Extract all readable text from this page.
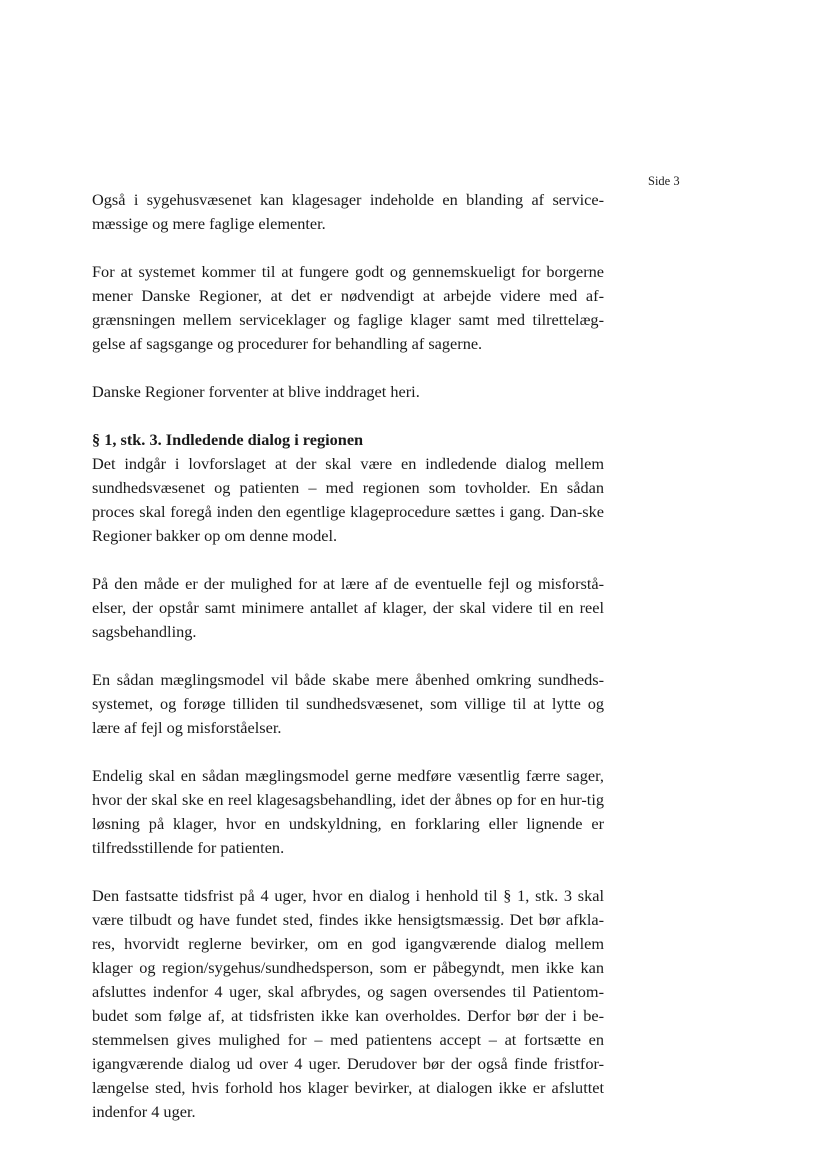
Side 3

Også i sygehusvæsenet kan klagesager indeholde en blanding af service-mæssige og mere faglige elementer.

For at systemet kommer til at fungere godt og gennemskueligt for borgerne mener Danske Regioner, at det er nødvendigt at arbejde videre med af-grænsningen mellem serviceklager og faglige klager samt med tilrettelæg-gelse af sagsgange og procedurer for behandling af sagerne.

Danske Regioner forventer at blive inddraget heri.

§ 1, stk. 3. Indledende dialog i regionen

Det indgår i lovforslaget at der skal være en indledende dialog mellem sundhedsvæsenet og patienten – med regionen som tovholder. En sådan proces skal foregå inden den egentlige klageprocedure sættes i gang. Dan-ske Regioner bakker op om denne model.

På den måde er der mulighed for at lære af de eventuelle fejl og misforstå-elser, der opstår samt minimere antallet af klager, der skal videre til en reel sagsbehandling.

En sådan mæglingsmodel vil både skabe mere åbenhed omkring sundheds-systemet, og forøge tilliden til sundhedsvæsenet, som villige til at lytte og lære af fejl og misforståelser.

Endelig skal en sådan mæglingsmodel gerne medføre væsentlig færre sager, hvor der skal ske en reel klagesagsbehandling, idet der åbnes op for en hur-tig løsning på klager, hvor en undskyldning, en forklaring eller lignende er tilfredsstillende for patienten.

Den fastsatte tidsfrist på 4 uger, hvor en dialog i henhold til § 1, stk. 3 skal være tilbudt og have fundet sted, findes ikke hensigtsmæssig. Det bør afkla-res, hvorvidt reglerne bevirker, om en god igangværende dialog mellem klager og region/sygehus/sundhedsperson, som er påbegyndt, men ikke kan afsluttes indenfor 4 uger, skal afbrydes, og sagen oversendes til Patientom-budet som følge af, at tidsfristen ikke kan overholdes. Derfor bør der i be-stemmelsen gives mulighed for – med patientens accept – at fortsætte en igangværende dialog ud over 4 uger. Derudover bør der også finde fristfor-længelse sted, hvis forhold hos klager bevirker, at dialogen ikke er afsluttet indenfor 4 uger.
